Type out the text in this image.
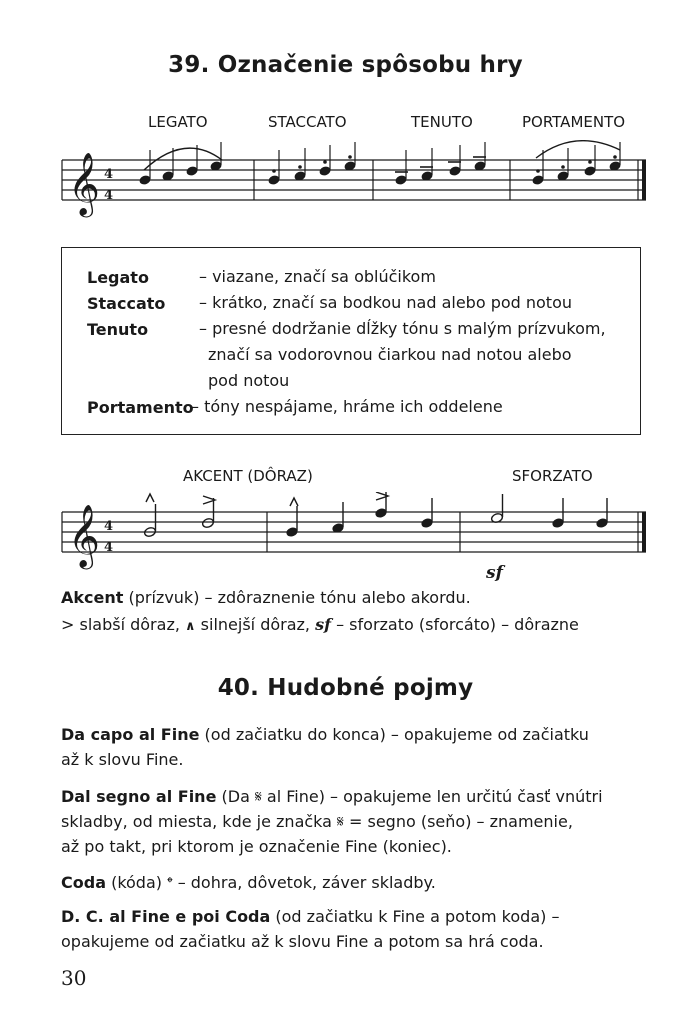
39. Označenie spôsobu hry
LEGATO	STACCATO	TENUTO	PORTAMENTO
𝄞 4
4
Legato	– viazane, značí sa oblúčikom
Staccato – krátko, značí sa bodkou nad alebo pod notou
Tenuto	– presné dodržanie dĺžky tónu s malým prízvukom,
značí sa vodorovnou čiarkou nad notou alebo
pod notou
Portamento
– tóny nespájame, hráme ich oddelene
AKCENT (DÔRAZ)	SFORZATO
𝄞 4
4
sf
Akcent (prízvuk) – zdôraznenie tónu alebo akordu.
> slabší dôraz, ∧ silnejší dôraz, sf – sforzato (sforcáto) – dôrazne
40. Hudobné pojmy
Da capo al Fine (od začiatku do konca) – opakujeme od začiatku
až k slovu Fine.
Dal segno al Fine (Da 𝄋 al Fine) – opakujeme len určitú časť vnútri
skladby, od miesta, kde je značka 𝄋 = segno (seňo) – znamenie,
až po takt, pri ktorom je označenie Fine (koniec).
Coda (kóda) 𝄌 – dohra, dôvetok, záver skladby.
D. C. al Fine e poi Coda (od začiatku k Fine a potom koda) –
opakujeme od začiatku až k slovu Fine a potom sa hrá coda.
30
